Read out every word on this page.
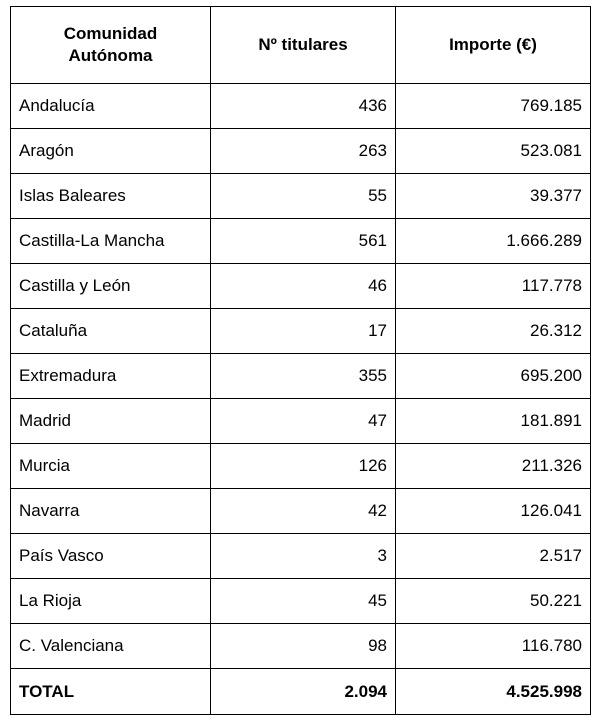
Comunidad
Autónoma	Nº titulares	Importe (€)
Andalucía	436	769.185
Aragón	263	523.081
Islas Baleares	55	39.377
Castilla-La Mancha	561	1.666.289
Castilla y León	46	117.778
Cataluña	17	26.312
Extremadura	355	695.200
Madrid	47	181.891
Murcia	126	211.326
Navarra	42	126.041
País Vasco	3	2.517
La Rioja	45	50.221
C. Valenciana	98	116.780
TOTAL	2.094	4.525.998
